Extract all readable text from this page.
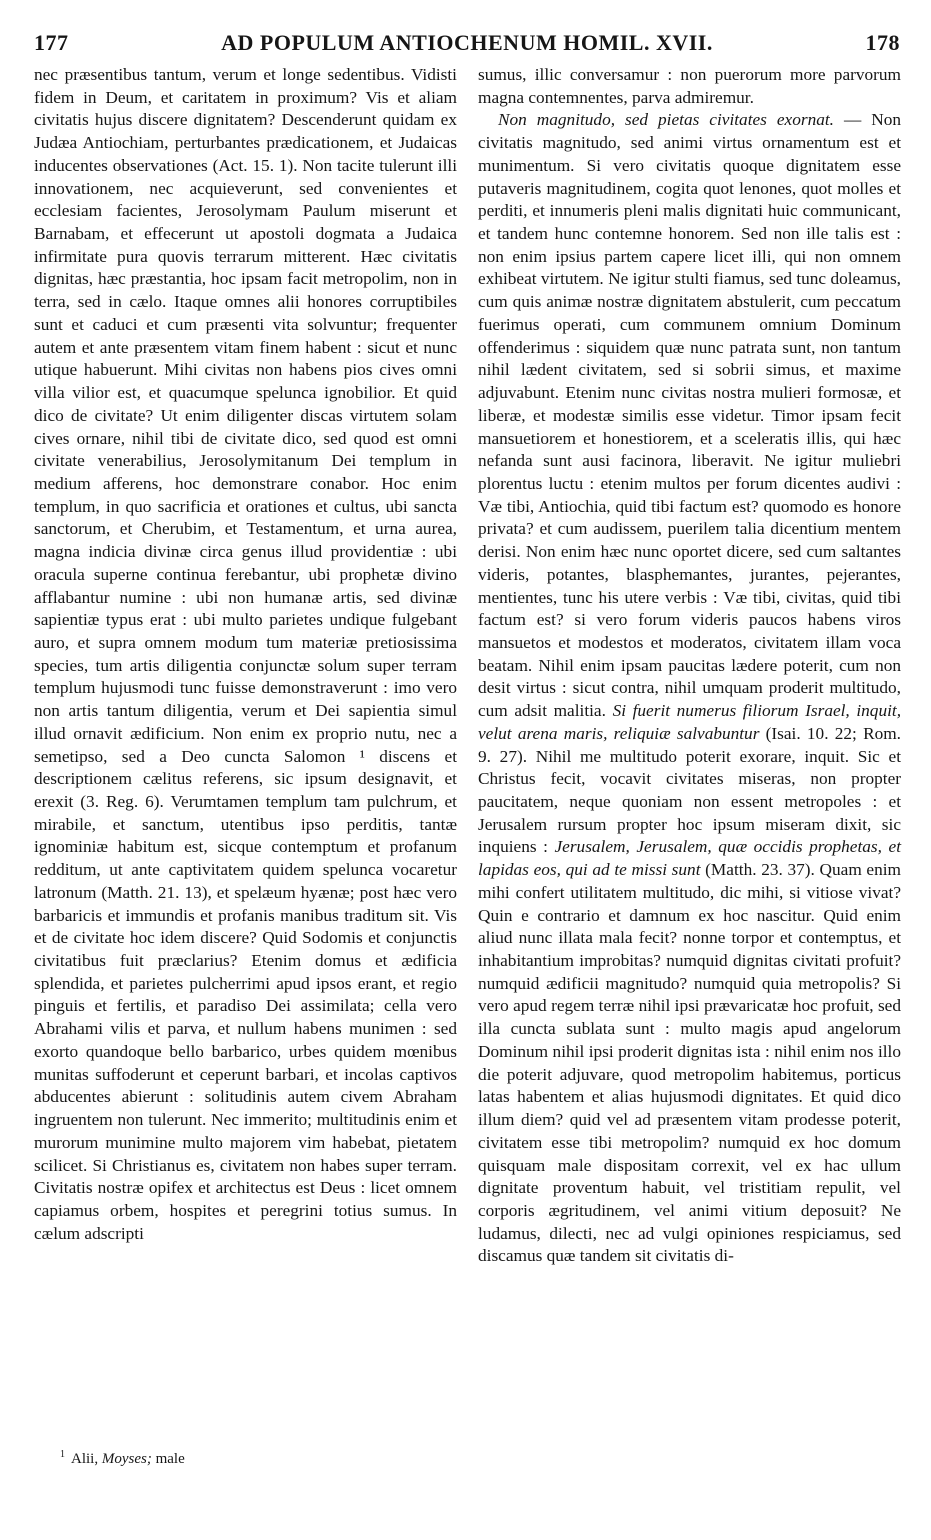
177	AD POPULUM ANTIOCHENUM HOMIL. XVII.	178

nec præsentibus tantum, verum et longe sedentibus. Vidisti fidem in Deum, et caritatem in proximum? Vis et aliam civitatis hujus discere dignitatem? Descenderunt quidam ex Judæa Antiochiam, perturbantes prædicationem, et Judaicas inducentes observationes (Act. 15. 1). Non tacite tulerunt illi innovationem, nec acquieverunt, sed convenientes et ecclesiam facientes, Jerosolymam Paulum miserunt et Barnabam, et effecerunt ut apostoli dogmata a Judaica infirmitate pura quovis terrarum mitterent. Hæc civitatis dignitas, hæc præstantia, hoc ipsam facit metropolim, non in terra, sed in cælo. Itaque omnes alii honores corruptibiles sunt et caduci et cum præsenti vita solvuntur; frequenter autem et ante præsentem vitam finem habent : sicut et nunc utique habuerunt. Mihi civitas non habens pios cives omni villa vilior est, et quacumque spelunca ignobilior. Et quid dico de civitate? Ut enim diligenter discas virtutem solam cives ornare, nihil tibi de civitate dico, sed quod est omni civitate venerabilius, Jerosolymitanum Dei templum in medium afferens, hoc demonstrare conabor. Hoc enim templum, in quo sacrificia et orationes et cultus, ubi sancta sanctorum, et Cherubim, et Testamentum, et urna aurea, magna indicia divinæ circa genus illud providentiæ : ubi oracula superne continua ferebantur, ubi prophetæ divino afflabantur numine : ubi non humanæ artis, sed divinæ sapientiæ typus erat : ubi multo parietes undique fulgebant auro, et supra omnem modum tum materiæ pretiosissima species, tum artis diligentia conjunctæ solum super terram templum hujusmodi tunc fuisse demonstraverunt : imo vero non artis tantum diligentia, verum et Dei sapientia simul illud ornavit ædificium. Non enim ex proprio nutu, nec a semetipso, sed a Deo cuncta Salomon ¹ discens et descriptionem cælitus referens, sic ipsum designavit, et erexit (3. Reg. 6). Verumtamen templum tam pulchrum, et mirabile, et sanctum, utentibus ipso perditis, tantæ ignominiæ habitum est, sicque contemptum et profanum redditum, ut ante captivitatem quidem spelunca vocaretur latronum (Matth. 21. 13), et spelæum hyænæ; post hæc vero barbaricis et immundis et profanis manibus traditum sit. Vis et de civitate hoc idem discere? Quid Sodomis et conjunctis civitatibus fuit præclarius? Etenim domus et ædificia splendida, et parietes pulcherrimi apud ipsos erant, et regio pinguis et fertilis, et paradiso Dei assimilata; cella vero Abrahami vilis et parva, et nullum habens munimen : sed exorto quandoque bello barbarico, urbes quidem mœnibus munitas suffoderunt et ceperunt barbari, et incolas captivos abducentes abierunt : solitudinis autem civem Abraham ingruentem non tulerunt. Nec immerito; multitudinis enim et murorum munimine multo majorem vim habebat, pietatem scilicet. Si Christianus es, civitatem non habes super terram. Civitatis nostræ opifex et architectus est Deus : licet omnem capiamus orbem, hospites et peregrini totius sumus. In cælum adscripti

sumus, illic conversamur : non puerorum more parvorum magna contemnentes, parva admiremur.

Non magnitudo, sed pietas civitates exornat. — Non civitatis magnitudo, sed animi virtus ornamentum est et munimentum. Si vero civitatis quoque dignitatem esse putaveris magnitudinem, cogita quot lenones, quot molles et perditi, et innumeris pleni malis dignitati huic communicant, et tandem hunc contemne honorem. Sed non ille talis est : non enim ipsius partem capere licet illi, qui non omnem exhibeat virtutem. Ne igitur stulti fiamus, sed tunc doleamus, cum quis animæ nostræ dignitatem abstulerit, cum peccatum fuerimus operati, cum communem omnium Dominum offenderimus : siquidem quæ nunc patrata sunt, non tantum nihil lædent civitatem, sed si sobrii simus, et maxime adjuvabunt. Etenim nunc civitas nostra mulieri formosæ, et liberæ, et modestæ similis esse videtur. Timor ipsam fecit mansuetiorem et honestiorem, et a sceleratis illis, qui hæc nefanda sunt ausi facinora, liberavit. Ne igitur muliebri plorentus luctu : etenim multos per forum dicentes audivi : Væ tibi, Antiochia, quid tibi factum est? quomodo es honore privata? et cum audissem, puerilem talia dicentium mentem derisi. Non enim hæc nunc oportet dicere, sed cum saltantes videris, potantes, blasphemantes, jurantes, pejerantes, mentientes, tunc his utere verbis : Væ tibi, civitas, quid tibi factum est? si vero forum videris paucos habens viros mansuetos et modestos et moderatos, civitatem illam voca beatam. Nihil enim ipsam paucitas lædere poterit, cum non desit virtus : sicut contra, nihil umquam proderit multitudo, cum adsit malitia. Si fuerit numerus filiorum Israel, inquit, velut arena maris, reliquiæ salvabuntur (Isai. 10. 22; Rom. 9. 27). Nihil me multitudo poterit exorare, inquit. Sic et Christus fecit, vocavit civitates miseras, non propter paucitatem, neque quoniam non essent metropoles : et Jerusalem rursum propter hoc ipsum miseram dixit, sic inquiens : Jerusalem, Jerusalem, quæ occidis prophetas, et lapidas eos, qui ad te missi sunt (Matth. 23. 37). Quam enim mihi confert utilitatem multitudo, dic mihi, si vitiose vivat? Quin e contrario et damnum ex hoc nascitur. Quid enim aliud nunc illata mala fecit? nonne torpor et contemptus, et inhabitantium improbitas? numquid dignitas civitati profuit? numquid ædificii magnitudo? numquid quia metropolis? Si vero apud regem terræ nihil ipsi prævaricatæ hoc profuit, sed illa cuncta sublata sunt : multo magis apud angelorum Dominum nihil ipsi proderit dignitas ista : nihil enim nos illo die poterit adjuvare, quod metropolim habitemus, porticus latas habentem et alias hujusmodi dignitates. Et quid dico illum diem? quid vel ad præsentem vitam prodesse poterit, civitatem esse tibi metropolim? numquid ex hoc domum quisquam male dispositam correxit, vel ex hac ullum dignitate proventum habuit, vel tristitiam repulit, vel corporis ægritudinem, vel animi vitium deposuit? Ne ludamus, dilecti, nec ad vulgi opiniones respiciamus, sed discamus quæ tandem sit civitatis di-

$^1$ Alii, Moyses; male
